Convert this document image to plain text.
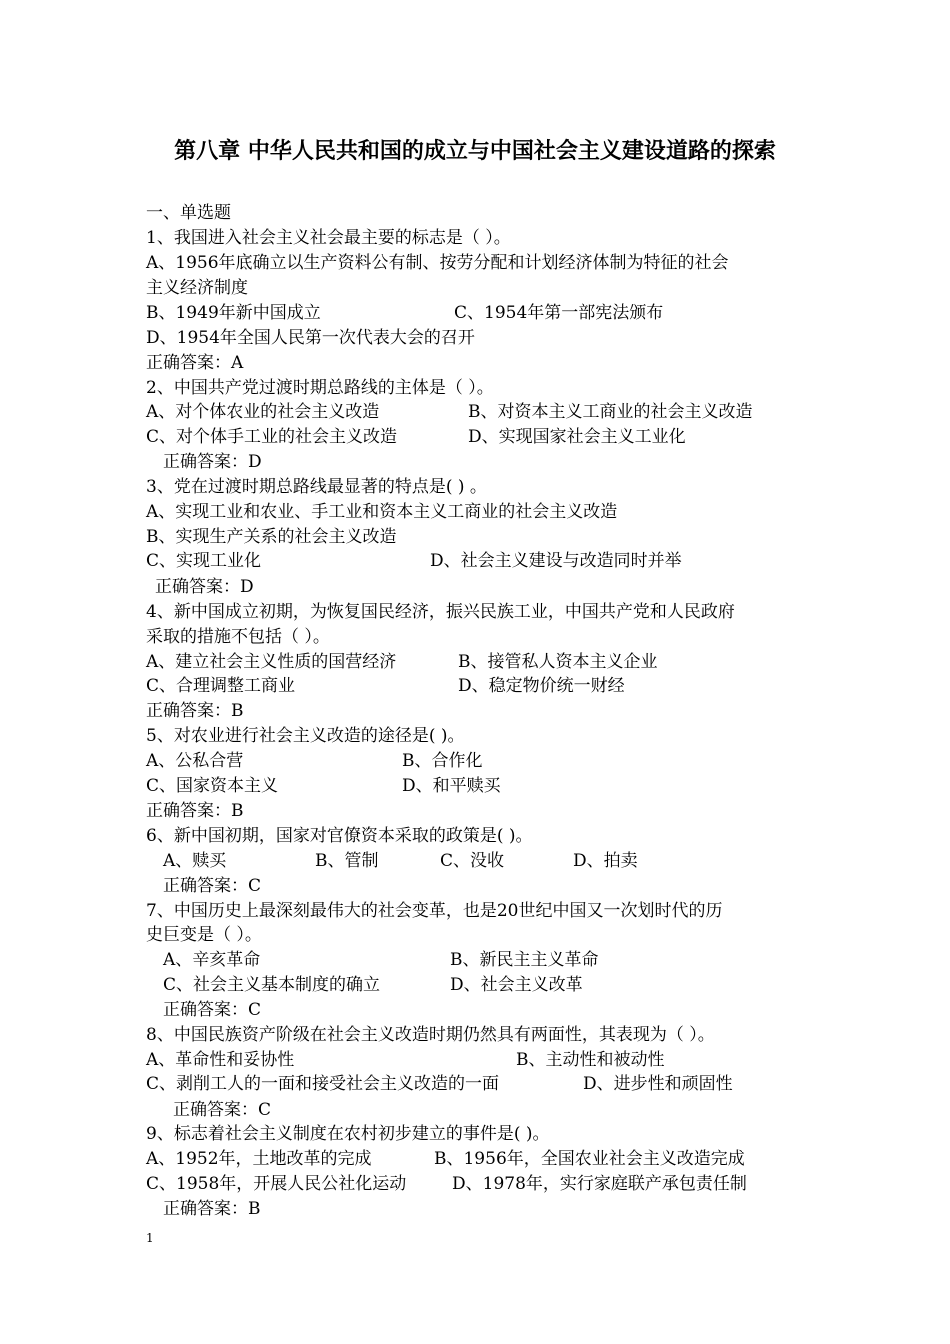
第八章 中华人民共和国的成立与中国社会主义建设道路的探索
一、单选题
1、我国进入社会主义社会最主要的标志是（ ）。
A、1956年底确立以生产资料公有制、按劳分配和计划经济体制为特征的社会
主义经济制度
B、1949年新中国成立	C、1954年第一部宪法颁布
D、1954年全国人民第一次代表大会的召开
正确答案：A
2、中国共产党过渡时期总路线的主体是（ ）。
A、对个体农业的社会主义改造	B、对资本主义工商业的社会主义改造
C、对个体手工业的社会主义改造	D、实现国家社会主义工业化
正确答案：D
3、党在过渡时期总路线最显著的特点是( ) 。
A、实现工业和农业、手工业和资本主义工商业的社会主义改造
B、实现生产关系的社会主义改造
C、实现工业化	D、社会主义建设与改造同时并举
正确答案：D
4、新中国成立初期，为恢复国民经济，振兴民族工业，中国共产党和人民政府
采取的措施不包括（ ）。
A、建立社会主义性质的国营经济	B、接管私人资本主义企业
C、合理调整工商业	D、稳定物价统一财经
正确答案：B
5、对农业进行社会主义改造的途径是( )。
A、公私合营	B、合作化
C、国家资本主义	D、和平赎买
正确答案：B
6、新中国初期，国家对官僚资本采取的政策是( )。
A、赎买	B、管制	C、没收	D、拍卖
正确答案：C
7、中国历史上最深刻最伟大的社会变革，也是20世纪中国又一次划时代的历
史巨变是（ ）。
A、辛亥革命	B、新民主主义革命
C、社会主义基本制度的确立	D、社会主义改革
正确答案：C
8、中国民族资产阶级在社会主义改造时期仍然具有两面性，其表现为（ ）。
A、革命性和妥协性	B、主动性和被动性
C、剥削工人的一面和接受社会主义改造的一面	D、进步性和顽固性
正确答案：C
9、标志着社会主义制度在农村初步建立的事件是( )。
A、1952年，土地改革的完成	B、1956年，全国农业社会主义改造完成
C、1958年，开展人民公社化运动	D、1978年，实行家庭联产承包责任制
正确答案：B
1
